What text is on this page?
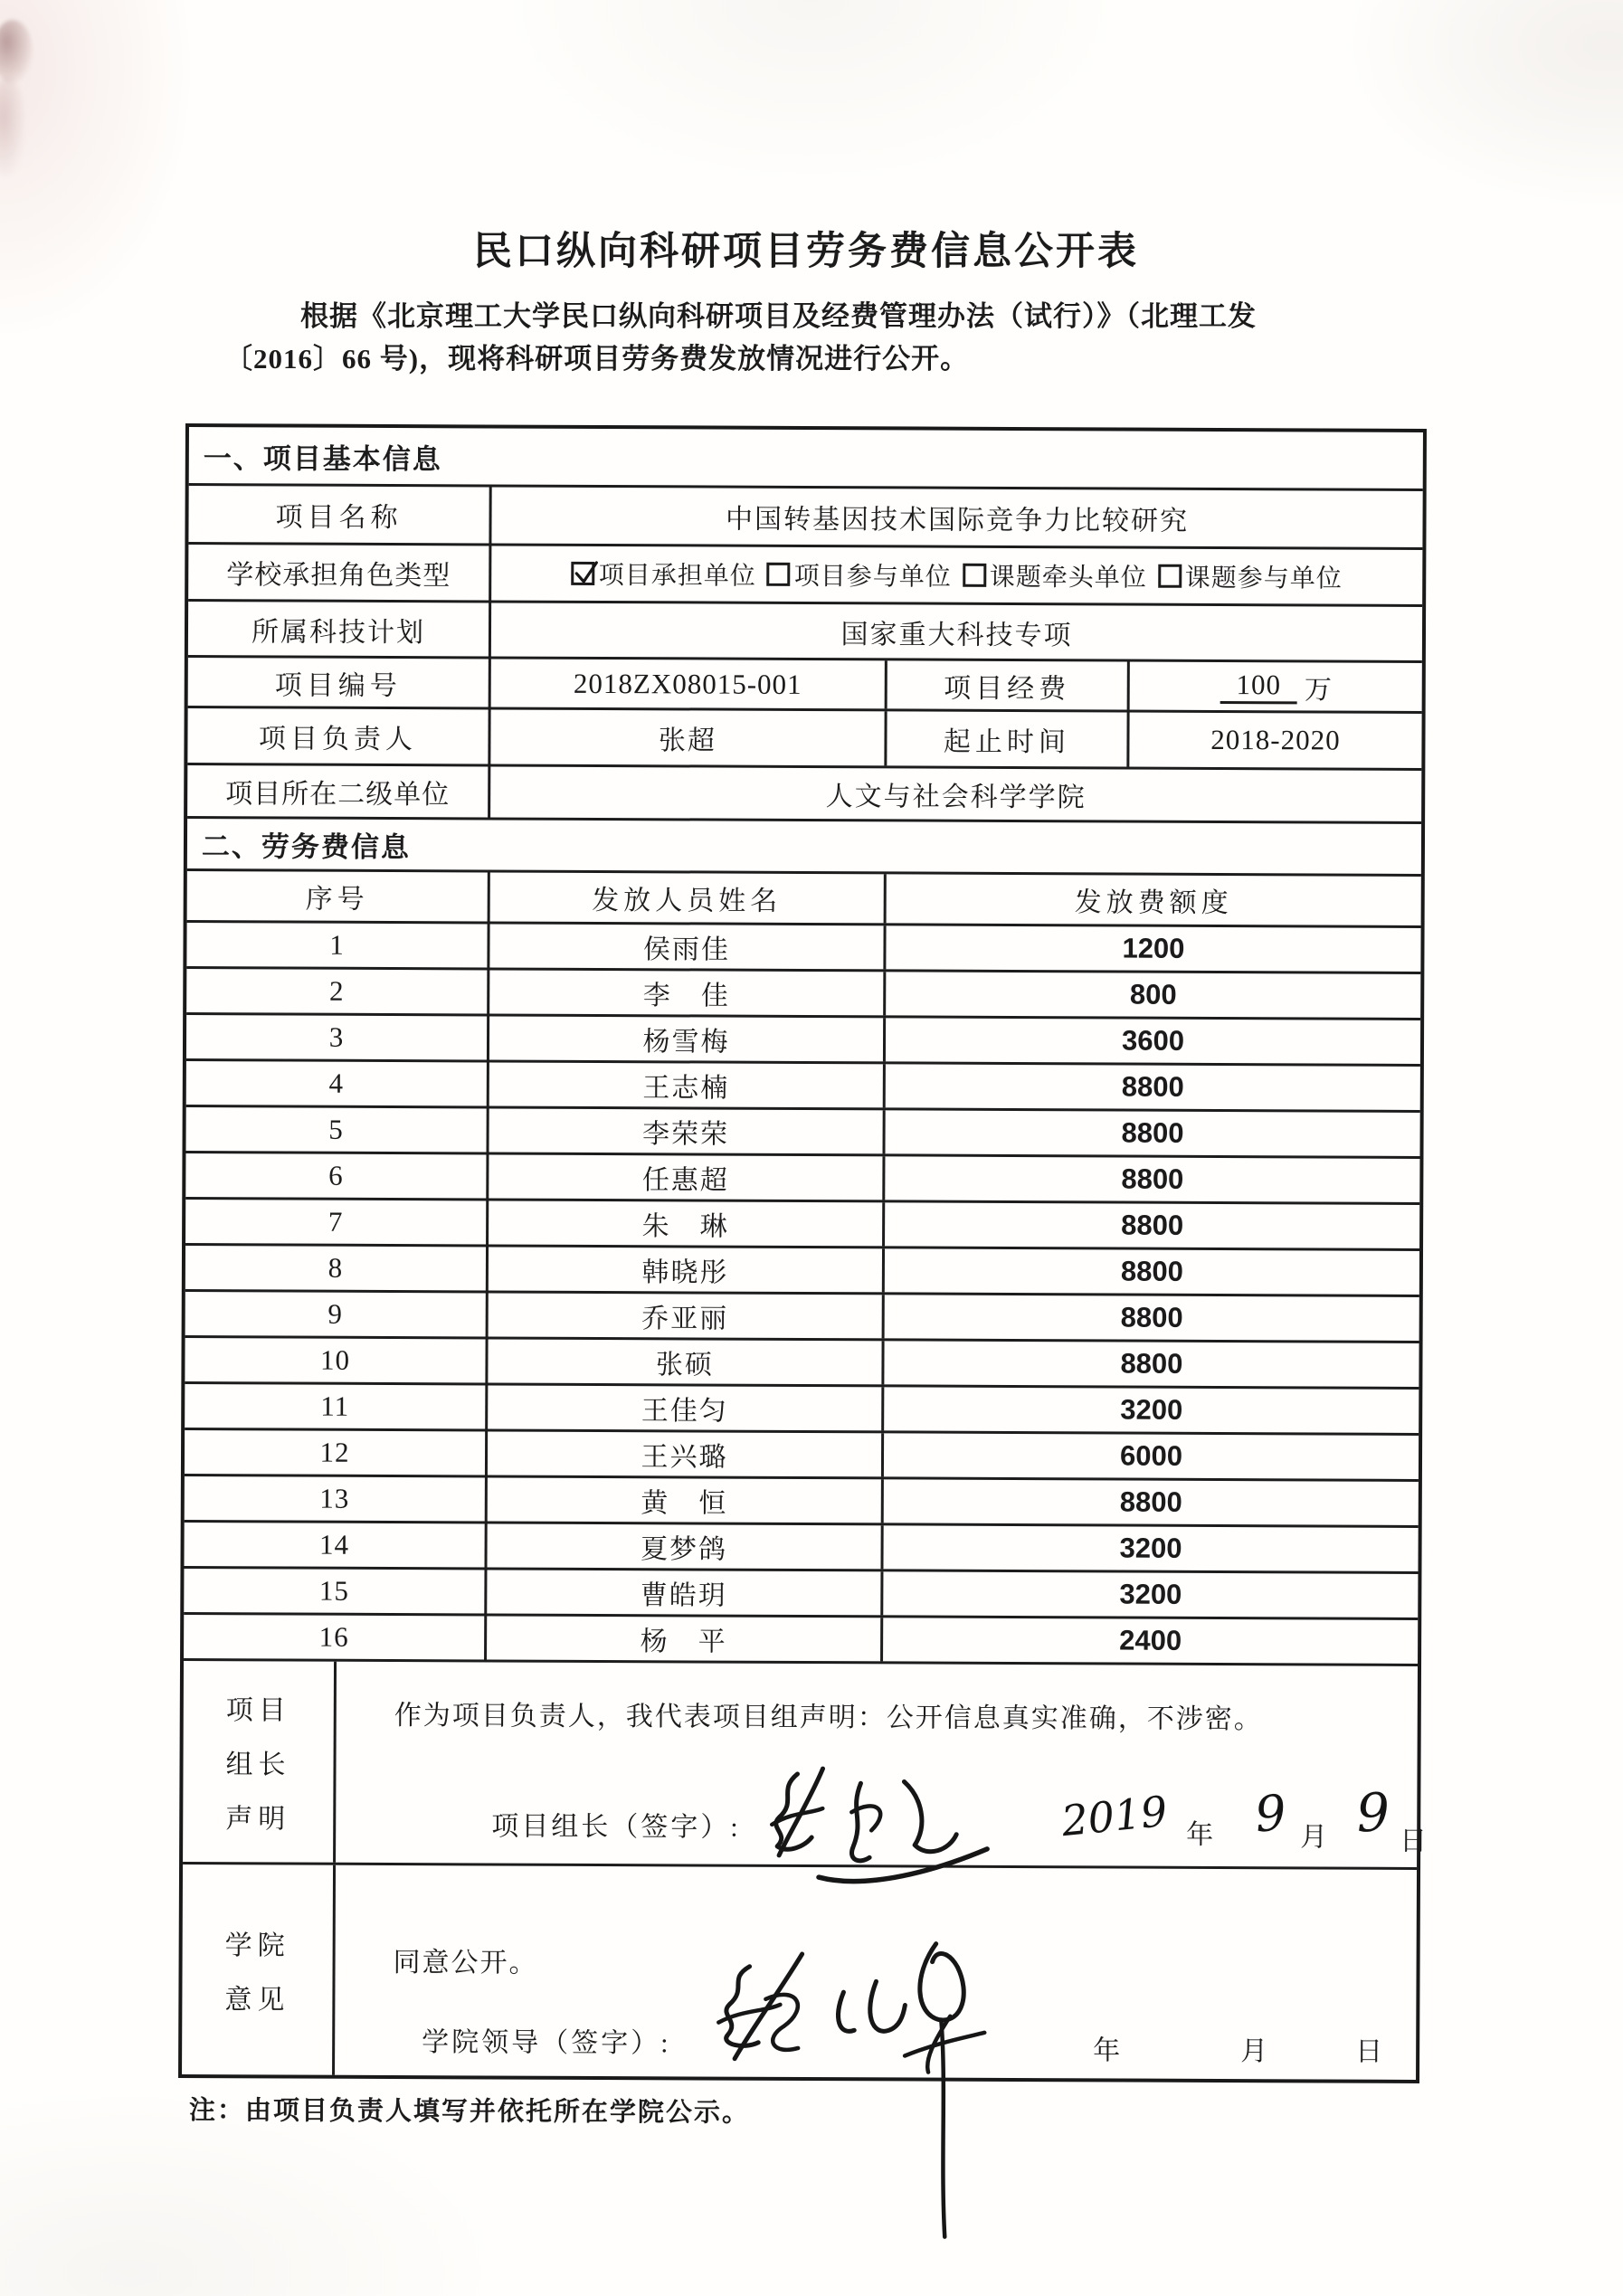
民口纵向科研项目劳务费信息公开表
根据《北京理工大学民口纵向科研项目及经费管理办法（试行）》（北理工发
〔2016〕66 号)，现将科研项目劳务费发放情况进行公开。
一、项目基本信息
项目名称	中国转基因技术国际竞争力比较研究
学校承担角色类型	项目承担单位 项目参与单位 课题牵头单位 课题参与单位
所属科技计划	国家重大科技专项
项目编号	2018ZX08015-001	项目经费	100 万
项目负责人	张超	起止时间	2018-2020
项目所在二级单位	人文与社会科学学院
二、劳务费信息
序号	发放人员姓名	发放费额度
1	侯雨佳	1200
2	李　佳	800
3	杨雪梅	3600
4	王志楠	8800
5	李荣荣	8800
6	任惠超	8800
7	朱　琳	8800
8	韩晓彤	8800
9	乔亚丽	8800
10	张硕	8800
11	王佳匀	3200
12	王兴璐	6000
13	黄　恒	8800
14	夏梦鸽	3200
15	曹皓玥	3200
16	杨　平	2400
项目
组长
声明
作为项目负责人，我代表项目组声明：公开信息真实准确，不涉密。
项目组长（签字）:	2019 年 9 月 9 日
学院
意见
同意公开。
学院领导（签字）:	年	月	日
注：由项目负责人填写并依托所在学院公示。
